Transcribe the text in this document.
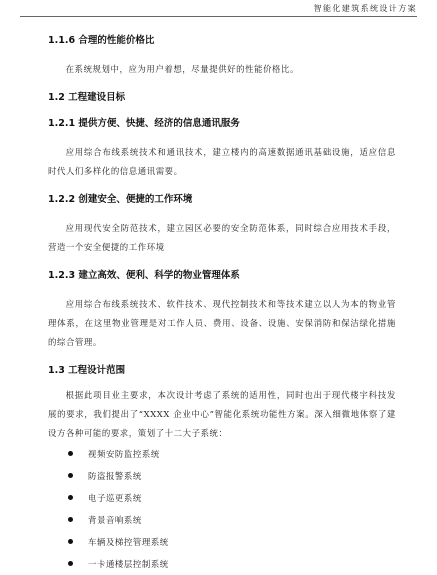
智能化建筑系统设计方案
1.1.6 合理的性能价格比

在系统规划中，应为用户着想，尽量提供好的性能价格比。

1.2 工程建设目标
1.2.1 提供方便、快捷、经济的信息通讯服务

应用综合布线系统技术和通讯技术，建立楼内的高速数据通讯基础设施，适应信息时代人们多样化的信息通讯需要。

1.2.2 创建安全、便捷的工作环境

应用现代安全防范技术，建立园区必要的安全防范体系，同时综合应用技术手段，营造一个安全便捷的工作环境

1.2.3 建立高效、便利、科学的物业管理体系

应用综合布线系统技术、软件技术、现代控制技术和等技术建立以人为本的物业管理体系，在这里物业管理是对工作人员、费用、设备、设施、安保消防和保洁绿化措施的综合管理。

1.3 工程设计范围

根据此项目业主要求，本次设计考虑了系统的适用性，同时也出于现代楼宇科技发展的要求，我们提出了“XXXX 企业中心”智能化系统功能性方案。深入细微地体察了建设方各种可能的要求，策划了十二大子系统：

视频安防监控系统
防盗报警系统
电子巡更系统
背景音响系统
车辆及梯控管理系统
一卡通楼层控制系统
